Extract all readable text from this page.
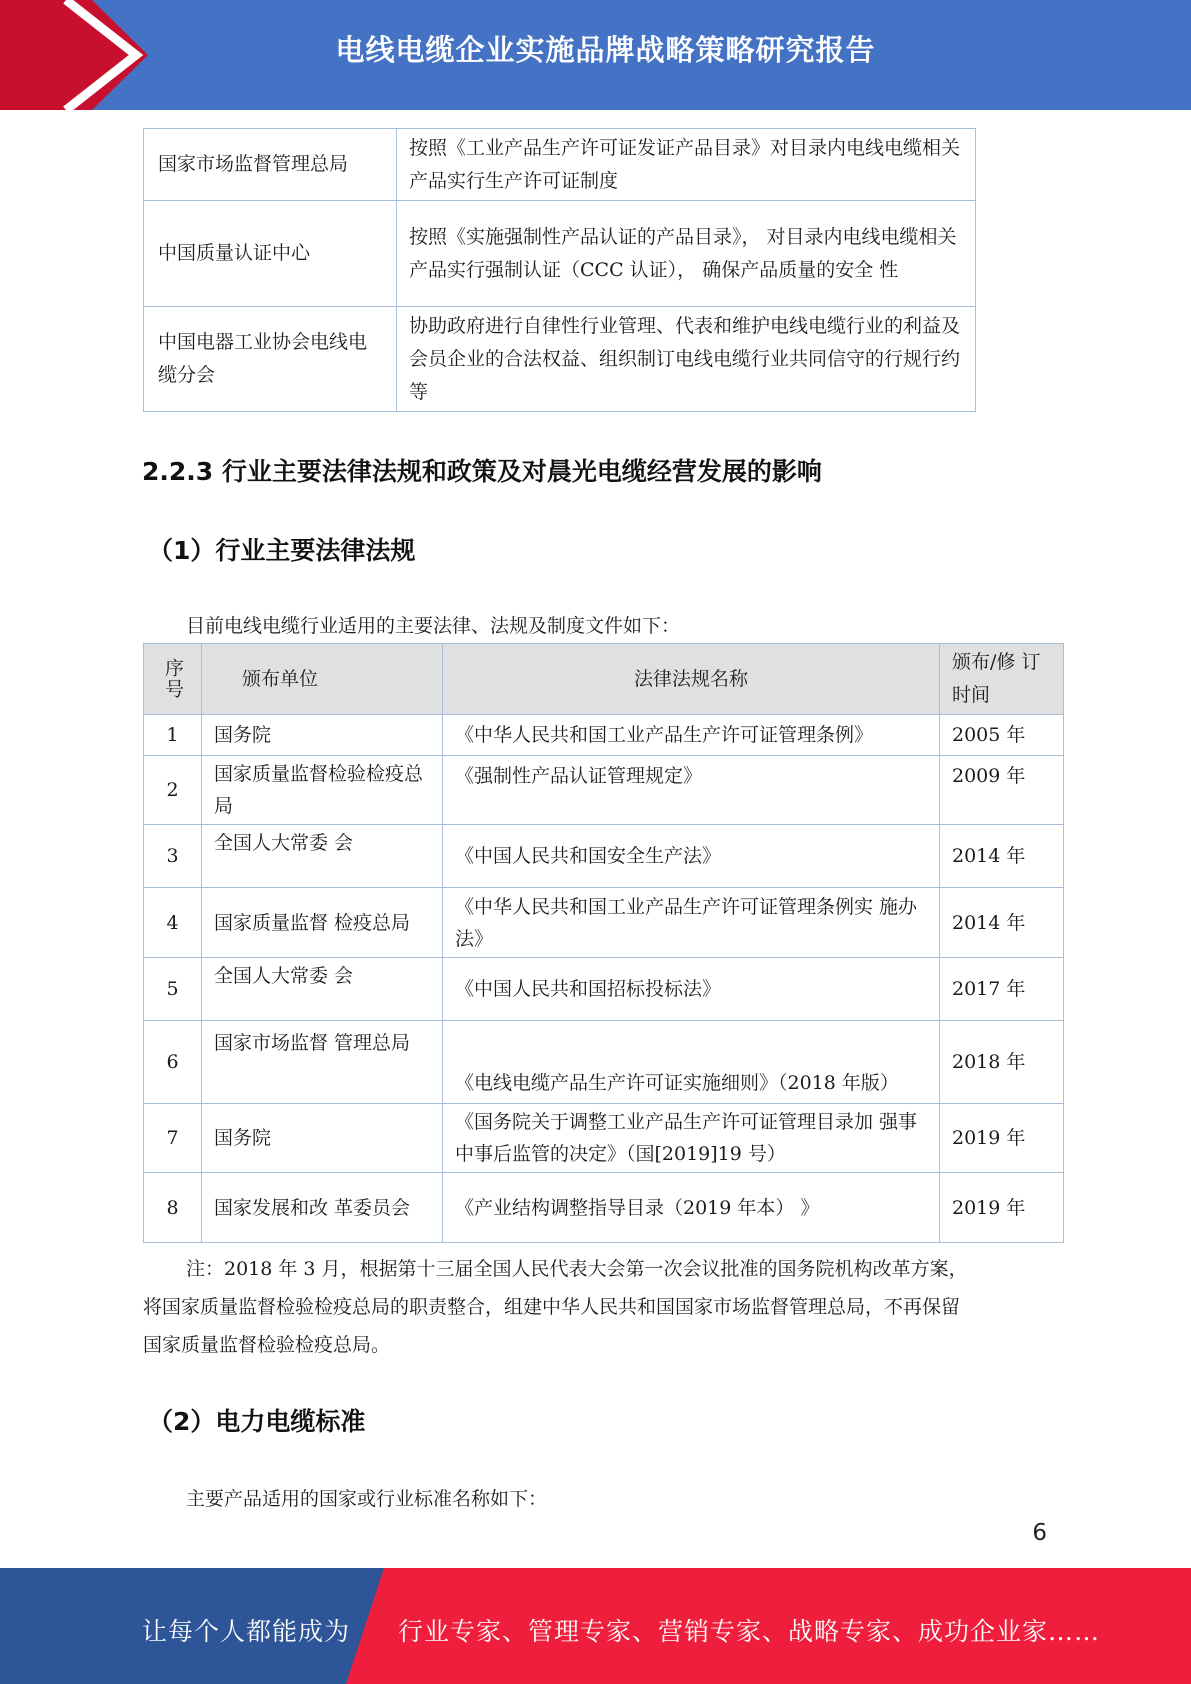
电线电缆企业实施品牌战略策略研究报告
国家市场监督管理总局	按照《工业产品生产许可证发证产品目录》对目录内电线电缆相关产品实行生产许可证制度
中国质量认证中心	按照《实施强制性产品认证的产品目录》， 对目录内电线电缆相关产品实行强制认证（CCC 认证）， 确保产品质量的安全 性
中国电器工业协会电线电缆分会	协助政府进行自律性行业管理、代表和维护电线电缆行业的利益及会员企业的合法权益、组织制订电线电缆行业共同信守的行规行约等
2.2.3 行业主要法律法规和政策及对晨光电缆经营发展的影响
（1）行业主要法律法规
目前电线电缆行业适用的主要法律、法规及制度文件如下：
序号	颁布单位	法律法规名称	颁布/修 订时间
1	国务院	《中华人民共和国工业产品生产许可证管理条例》	2005 年
2	国家质量监督检验检疫总局	《强制性产品认证管理规定》	2009 年
3	全国人大常委 会	《中国人民共和国安全生产法》	2014 年
4	国家质量监督 检疫总局	《中华人民共和国工业产品生产许可证管理条例实 施办法》	2014 年
5	全国人大常委 会	《中国人民共和国招标投标法》	2017 年
6	国家市场监督 管理总局	《电线电缆产品生产许可证实施细则》（2018 年版）	2018 年
7	国务院	《国务院关于调整工业产品生产许可证管理目录加 强事中事后监管的决定》（国[2019]19 号）	2019 年
8	国家发展和改 革委员会	《产业结构调整指导目录（2019 年本） 》	2019 年
注：2018 年 3 月，根据第十三届全国人民代表大会第一次会议批准的国务院机构改革方案，
将国家质量监督检验检疫总局的职责整合，组建中华人民共和国国家市场监督管理总局，不再保留
国家质量监督检验检疫总局。
（2）电力电缆标准
主要产品适用的国家或行业标准名称如下：
6
让每个人都能成为 行业专家、管理专家、营销专家、战略专家、成功企业家……
